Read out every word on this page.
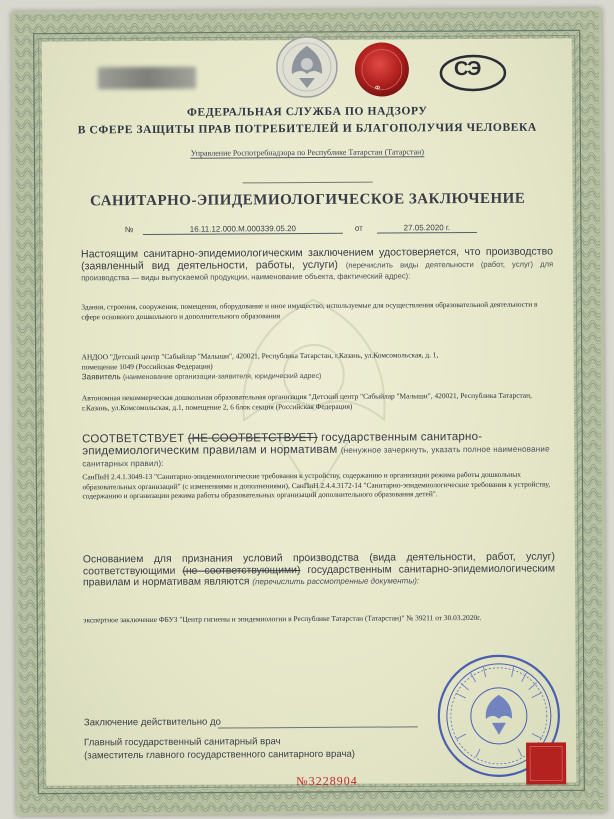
Ф
СЭ
ФЕДЕРАЛЬНАЯ СЛУЖБА ПО НАДЗОРУ
В СФЕРЕ ЗАЩИТЫ ПРАВ ПОТРЕБИТЕЛЕЙ И БЛАГОПОЛУЧИЯ ЧЕЛОВЕКА
Управление Роспотребнадзора по Республике Татарстан (Татарстан)
САНИТАРНО-ЭПИДЕМИОЛОГИЧЕСКОЕ ЗАКЛЮЧЕНИЕ
№	16.11.12.000.М.000339.05.20	от	27.05.2020 г.
Настоящим санитарно-эпидемиологическим заключением удостоверяется, что производство (заявленный вид деятельности, работы, услуги) (перечислить виды деятельности (работ, услуг) для производства — виды выпускаемой продукции, наименование объекта, фактический адрес):
Здания, строения, сооружения, помещения, оборудование и иное имущество, используемые для осуществления образовательной деятельности в сфере основного дошкольного и дополнительного образования
АНДОО "Детский центр "Сабыйлар "Малыши", 420021, Республика Татарстан, г.Казань, ул.Комсомольская, д. 1,
помещение 1049 (Российская Федерация)
Заявитель (наименование организации-заявителя, юридический адрес)
Автономная некоммерческая дошкольная образовательная организация "Детский центр "Сабыйлар "Малыши", 420021, Республика Татарстан, г.Казань, ул.Комсомольская, д.1, помещение 2, 6 блок секция (Российская Федерация)
СООТВЕТСТВУЕТ (НЕ СООТВЕТСТВУЕТ) государственным санитарно-эпидемиологическим правилам и нормативам (ненужное зачеркнуть, указать полное наименование санитарных правил):
СанПиН 2.4.1.3049-13 "Санитарно-эпидемиологические требования к устройству, содержанию и организации режима работы дошкольных образовательных организаций" (с изменениями и дополнениями), СанПиН 2.4.4.3172-14 "Санитарно-эпидемиологические требования к устройству, содержанию и организации режима работы образовательных организаций дополнительного образования детей".
Основанием для признания условий производства (вида деятельности, работ, услуг) соответствующими (не соответствующими) государственным санитарно-эпидемиологическим правилам и нормативам являются (перечислить рассмотренные документы):
экспертное заключение ФБУЗ "Центр гигиены и эпидемиологии в Республике Татарстан (Татарстан)" № 39211 от 30.03.2020г.
Заключение действительно до
Главный государственный санитарный врач
(заместитель главного государственного санитарного врача)
№3228904
